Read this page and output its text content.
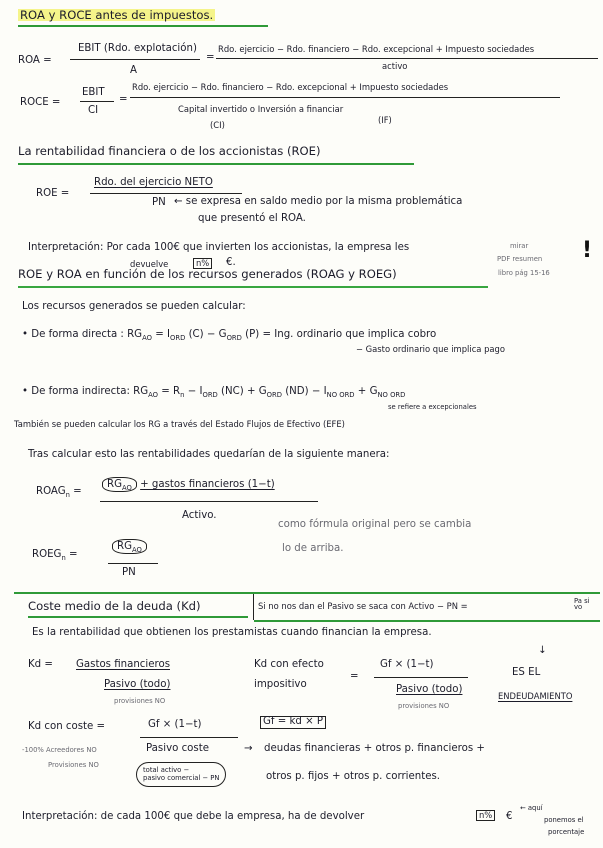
ROA y ROCE antes de impuestos.
ROA =
EBIT (Rdo. explotación)
A
=
Rdo. ejercicio − Rdo. financiero − Rdo. excepcional + Impuesto sociedades
activo
ROCE =
EBIT
CI
=
Rdo. ejercicio − Rdo. financiero − Rdo. excepcional + Impuesto sociedades
Capital invertido o Inversión a financiar
(CI)	(IF)
La rentabilidad financiera o de los accionistas (ROE)
ROE =
Rdo. del ejercicio NETO
PN ← se expresa en saldo medio por la misma problemática
que presentó el ROA.
Interpretación: Por cada 100€ que invierten los accionistas, la empresa les
devuelve	n% €.
mirar
PDF resumen
libro pág 15-16
!
ROE y ROA en función de los recursos generados (ROAG y ROEG)
Los recursos generados se pueden calcular:
• De forma directa : $RG_{AO} = I_{ORD}$ $(C) - G_{ORD}$ (P) = Ing. ordinario que implica cobro
− Gasto ordinario que implica pago
• De forma indirecta: $RG_{AO} = R_n - I_{ORD}$ $(NC) + G_{ORD}$ $(ND) - I_{NO ORD} + G_{NO ORD}$
se refiere a excepcionales
También se pueden calcular los RG a través del Estado Flujos de Efectivo (EFE)
Tras calcular esto las rentabilidades quedarían de la siguiente manera:
$ROAG_n$ =
$RG_{AO}$ + gastos financieros (1−t)
Activo.
como fórmula original pero se cambia
lo de arriba.
$ROEG_n$ =
$RG_{AO}$
PN
Coste medio de la deuda (Kd)	Si no nos dan el Pasivo se saca con Activo − PN =	Pa si vo
Es la rentabilidad que obtienen los prestamistas cuando financian la empresa.
↓
Kd = Gastos financieros
Pasivo (todo)
provisiones NO
Kd con efecto
impositivo
=
Gf × (1−t)
Pasivo (todo)
provisiones NO
ES EL
ENDEUDAMIENTO
Kd con coste =	Gf × (1−t)	Gf = kd × P
-100% Acreedores NO
Provisiones NO
Pasivo coste	→ deudas financieras + otros p. financieros +
otros p. fijos + otros p. corrientes.
total activo −
pasivo comercial − PN
Interpretación: de cada 100€ que debe la empresa, ha de devolver	n% €
← aquí
ponemos el
porcentaje
